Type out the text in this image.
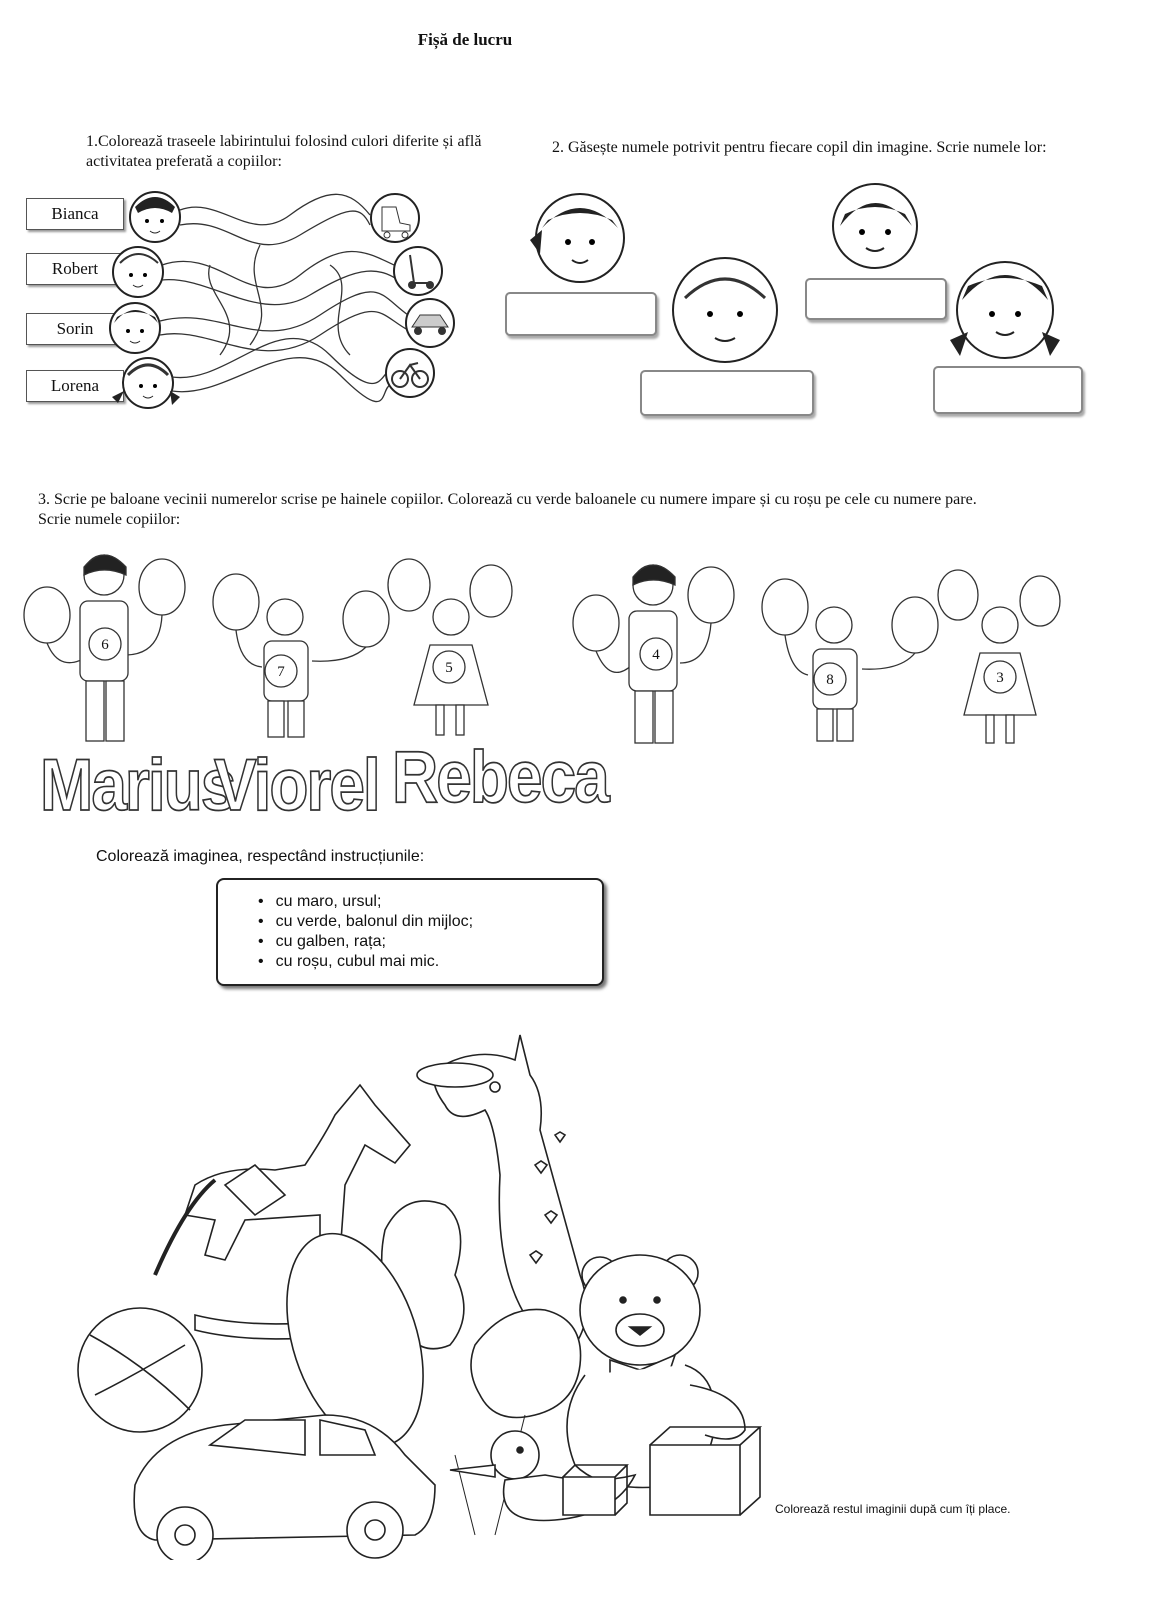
Fișă de lucru
1.Colorează traseele labirintului folosind culori diferite și află activitatea preferată a copiilor:
Bianca
Robert
Sorin
Lorena
2. Găsește numele potrivit pentru fiecare copil din imagine. Scrie numele lor:
3. Scrie pe baloane vecinii numerelor scrise pe hainele copiilor. Colorează cu verde baloanele cu numere impare și cu roșu pe cele cu numere pare. Scrie numele copiilor:
6
7	5
4
8	3
Marius
Viorel Rebeca
Colorează imaginea, respectând instrucțiunile:
• cu maro, ursul;
• cu verde, balonul din mijloc;
• cu galben, rața;
• cu roșu, cubul mai mic.
Colorează restul imaginii după cum îți place.
